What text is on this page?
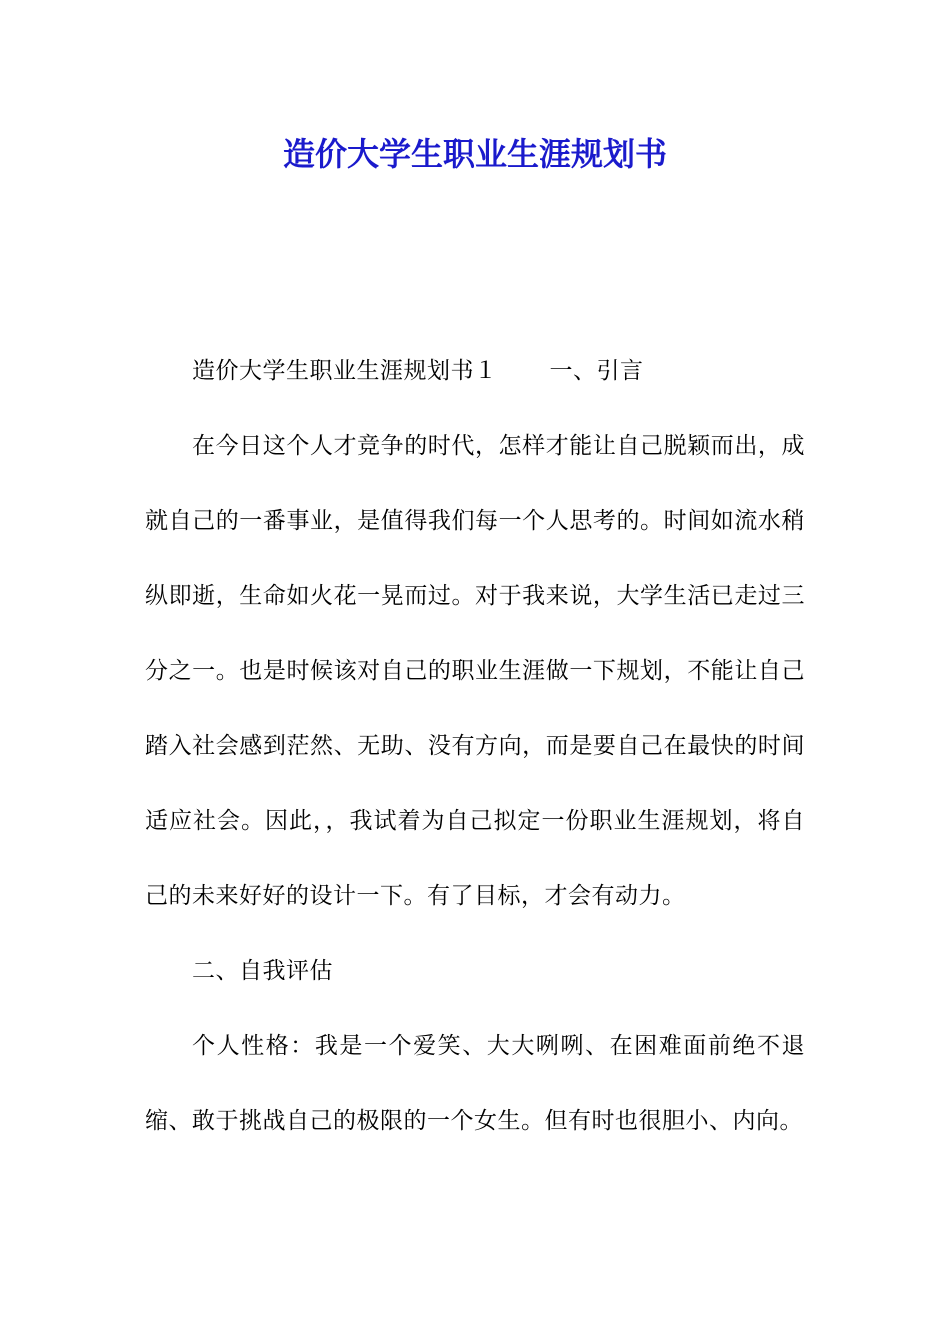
造价大学生职业生涯规划书

造价大学生职业生涯规划书１ 一、引言

在今日这个人才竞争的时代，怎样才能让自己脱颖而出，成就自己的一番事业，是值得我们每一个人思考的。时间如流水稍纵即逝，生命如火花一晃而过。对于我来说，大学生活已走过三分之一。也是时候该对自己的职业生涯做一下规划，不能让自己踏入社会感到茫然、无助、没有方向，而是要自己在最快的时间适应社会。因此，，我试着为自己拟定一份职业生涯规划，将自己的未来好好的设计一下。有了目标，才会有动力。

二、自我评估

个人性格：我是一个爱笑、大大咧咧、在困难面前绝不退缩、敢于挑战自己的极限的一个女生。但有时也很胆小、内向。
